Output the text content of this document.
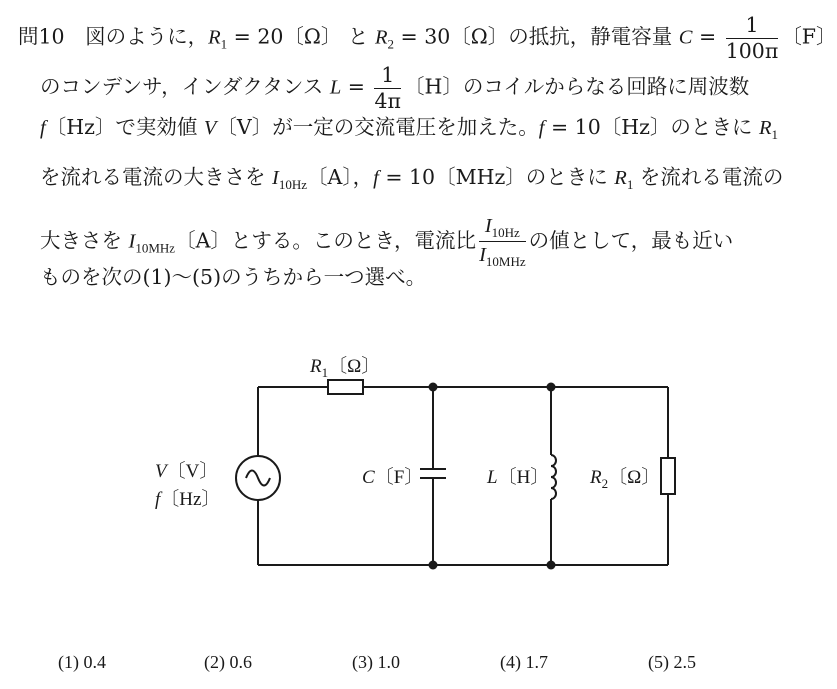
問10　 図のように，$R_1 = 20$〔Ω〕 と $R_2 = 30$〔Ω〕の抵抗，静電容量 $C = \frac{1}{100\pi}$ 〔F〕
のコンデンサ，インダクタンス $L = \frac{1}{4\pi}$ 〔H〕のコイルからなる回路に周波数
f〔Hz〕で実効値 V〔V〕が一定の交流電圧を加えた。f = 10〔Hz〕のときに $R_1$
を流れる電流の大きさを $I_{10Hz}$〔A〕，f = 10〔MHz〕のときに $R_1$ を流れる電流の
大きさを $I_{10MHz}$〔A〕とする。このとき，電流比 $\frac{I_{10Hz}}{I_{10MHz}}$ の値として，最も近い
ものを次の(1)〜(5)のうちから一つ選べ。
$R_1$〔Ω〕
V〔V〕
f〔Hz〕
C〔F〕	L〔H〕 $R_2$〔Ω〕
(1) 0.4	(2) 0.6	(3) 1.0	(4) 1.7	(5) 2.5
